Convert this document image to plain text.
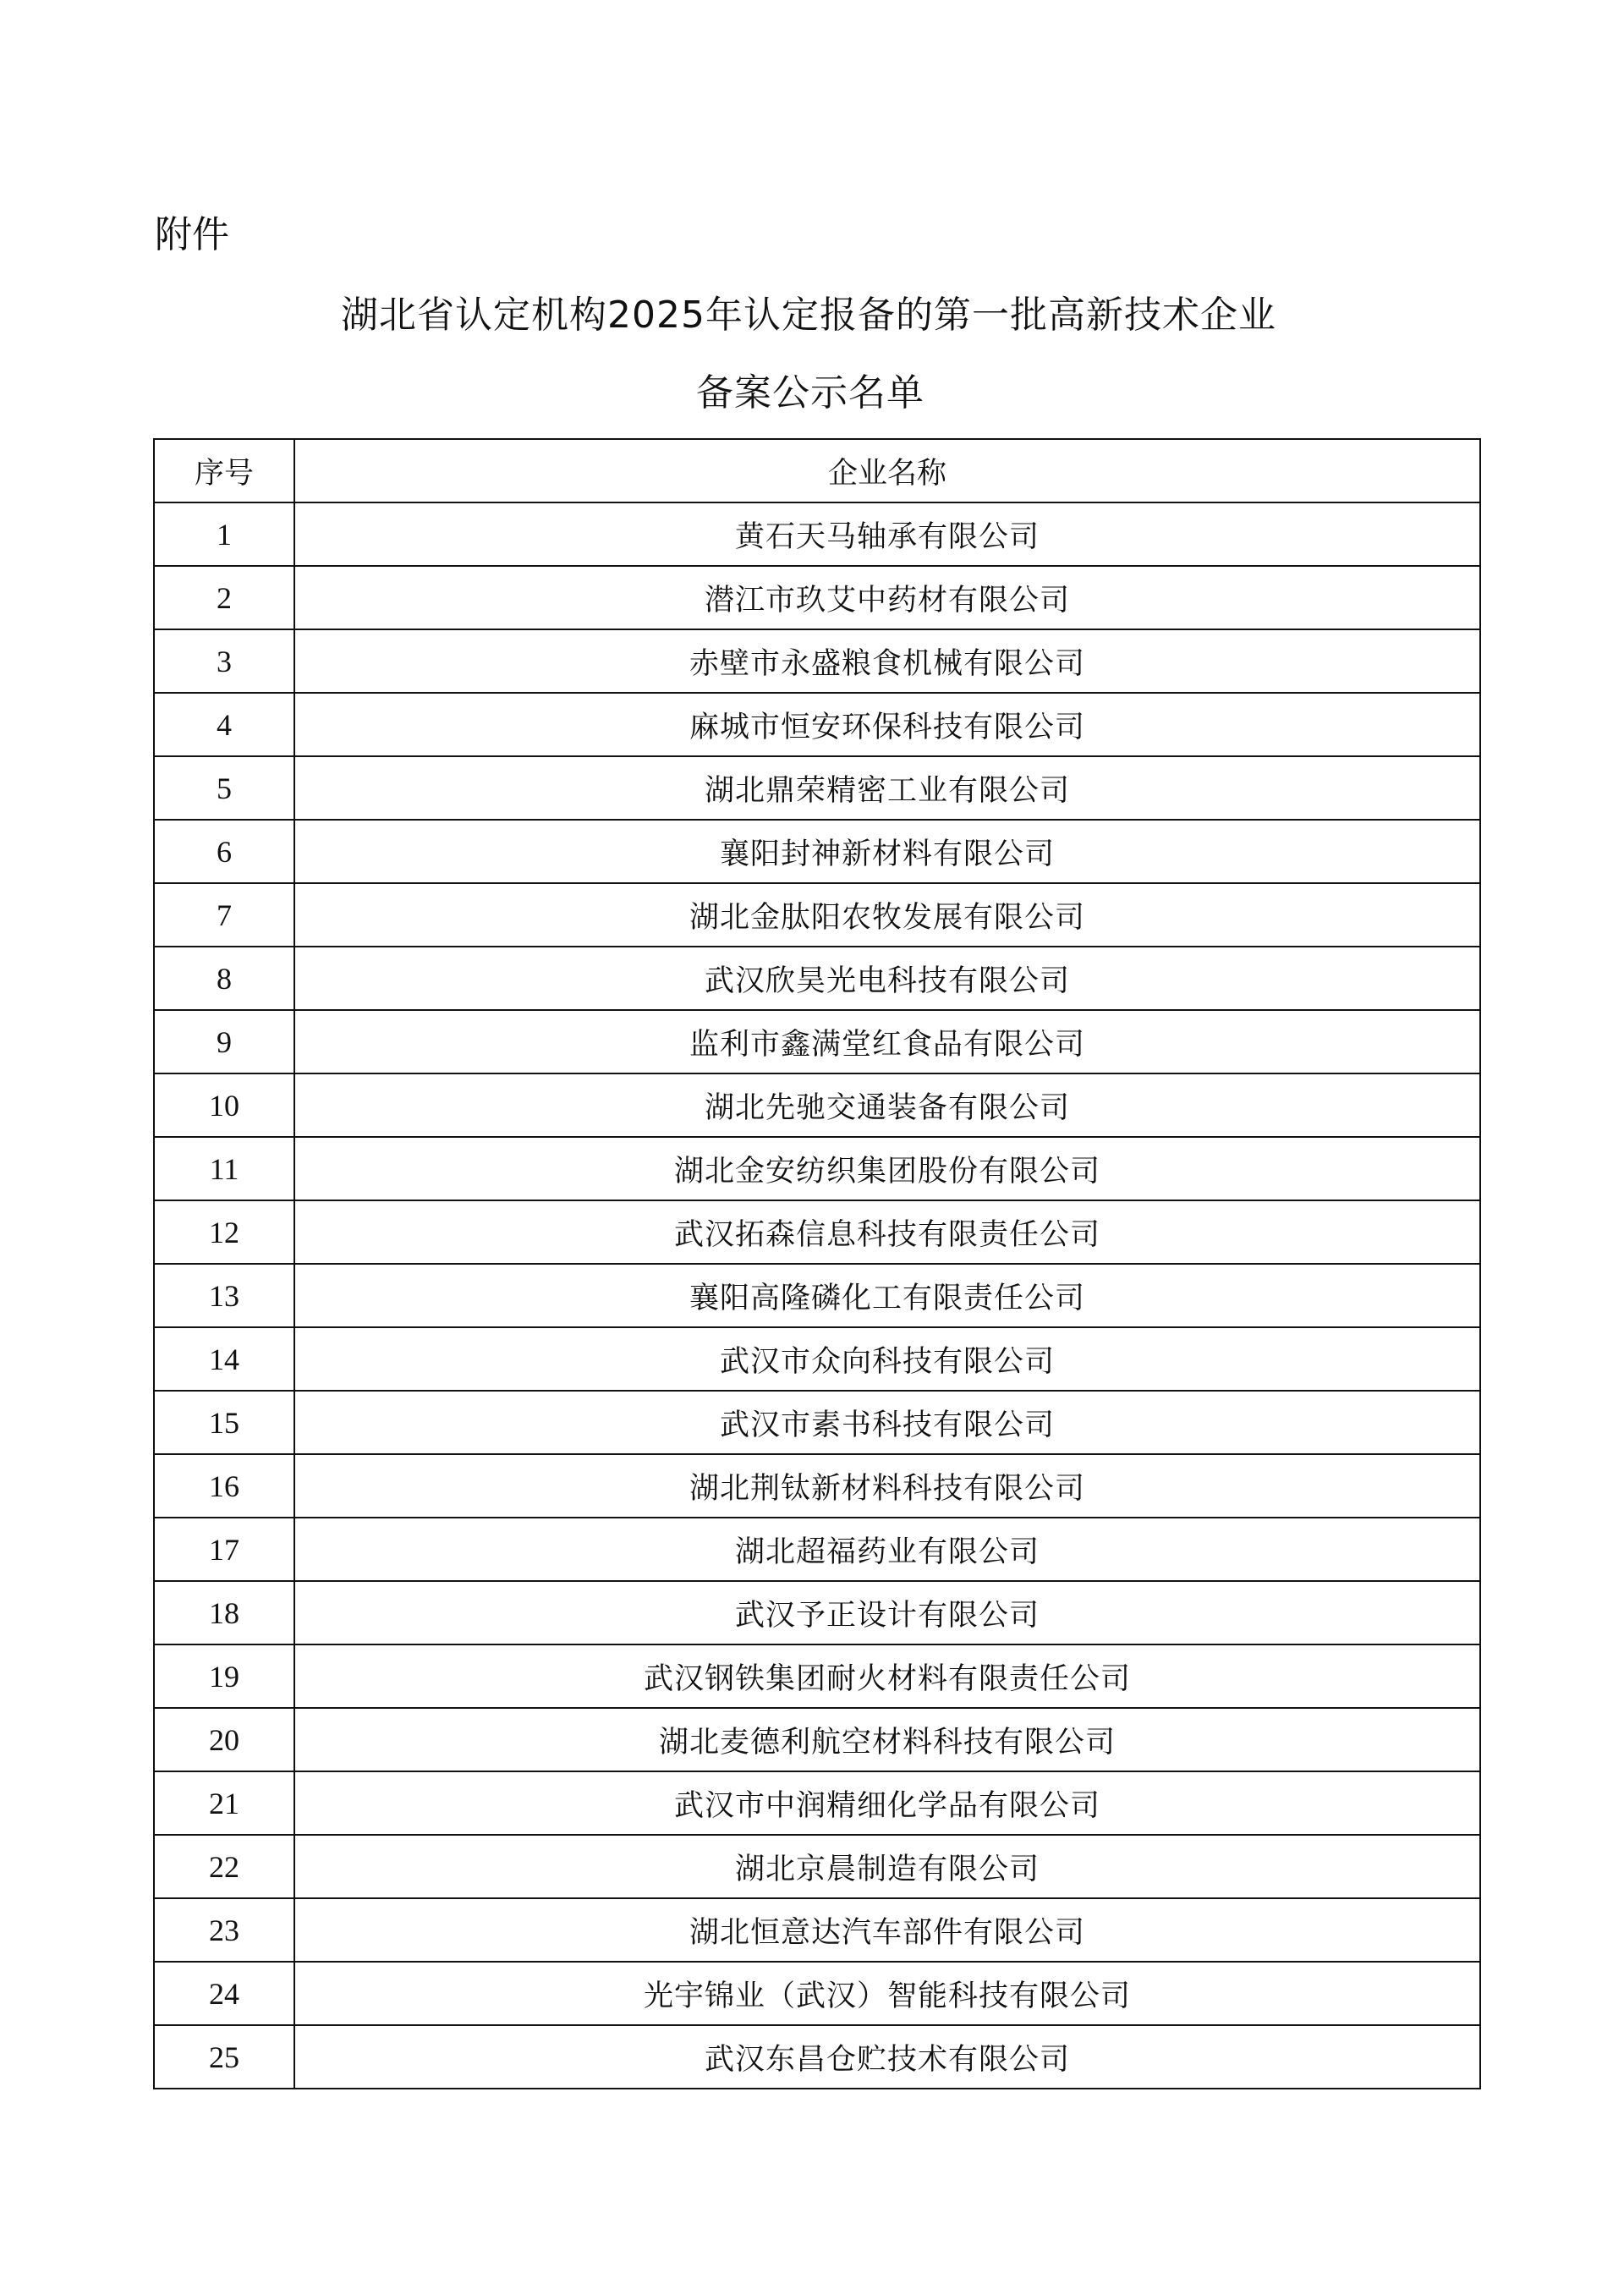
附件
湖北省认定机构2025年认定报备的第一批高新技术企业
备案公示名单
序号	企业名称
1	黄石天马轴承有限公司
2	潜江市玖艾中药材有限公司
3	赤壁市永盛粮食机械有限公司
4	麻城市恒安环保科技有限公司
5	湖北鼎荣精密工业有限公司
6	襄阳封神新材料有限公司
7	湖北金肽阳农牧发展有限公司
8	武汉欣昊光电科技有限公司
9	监利市鑫满堂红食品有限公司
10	湖北先驰交通装备有限公司
11	湖北金安纺织集团股份有限公司
12	武汉拓森信息科技有限责任公司
13	襄阳高隆磷化工有限责任公司
14	武汉市众向科技有限公司
15	武汉市素书科技有限公司
16	湖北荆钛新材料科技有限公司
17	湖北超福药业有限公司
18	武汉予正设计有限公司
19	武汉钢铁集团耐火材料有限责任公司
20	湖北麦德利航空材料科技有限公司
21	武汉市中润精细化学品有限公司
22	湖北京晨制造有限公司
23	湖北恒意达汽车部件有限公司
24	光宇锦业（武汉）智能科技有限公司
25	武汉东昌仓贮技术有限公司
